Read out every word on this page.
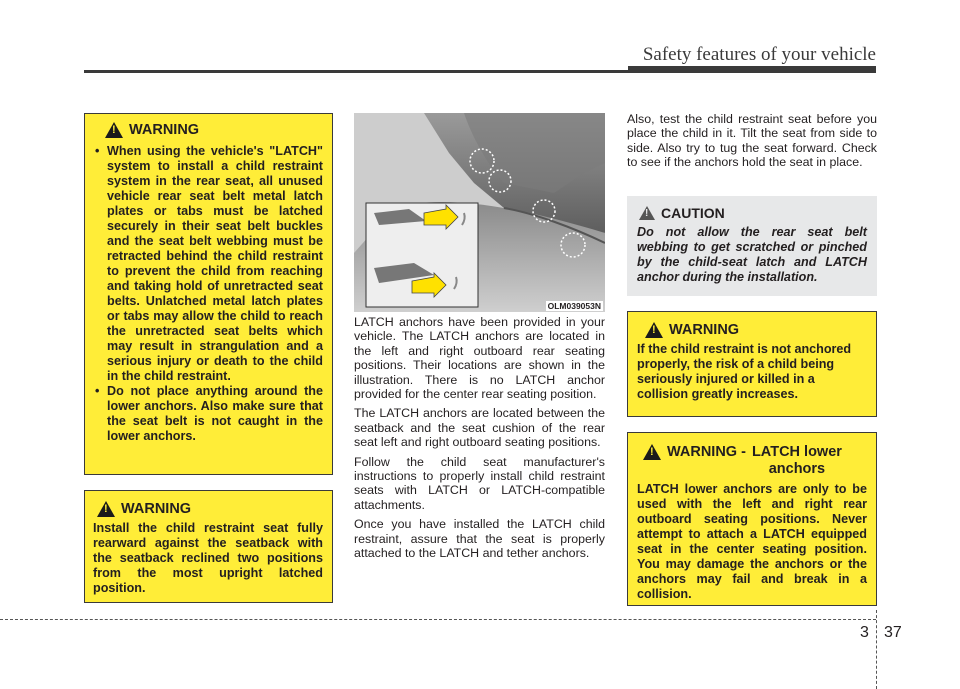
Safety features of your vehicle
!
WARNING
• When using the vehicle's "LATCH" system to install a child restraint system in the rear seat, all unused vehicle rear seat belt metal latch plates or tabs must be latched securely in their seat belt buckles and the seat belt webbing must be retracted behind the child restraint to prevent the child from reaching and taking hold of unretracted seat belts. Unlatched metal latch plates or tabs may allow the child to reach the unretracted seat belts which may result in strangulation and a serious injury or death to the child in the child restraint.
• Do not place anything around the lower anchors. Also make sure that the seat belt is not caught in the lower anchors.
!
WARNING
Install the child restraint seat fully rearward against the seatback with the seatback reclined two positions from the most upright latched position.
OLM039053N

LATCH anchors have been provided in your vehicle. The LATCH anchors are located in the left and right outboard rear seating positions. Their locations are shown in the illustration. There is no LATCH anchor provided for the center rear seating position.

The LATCH anchors are located between the seatback and the seat cushion of the rear seat left and right outboard seating positions.

Follow the child seat manufacturer's instructions to properly install child restraint seats with LATCH or LATCH-compatible attachments.

Once you have installed the LATCH child restraint, assure that the seat is properly attached to the LATCH and tether anchors.

Also, test the child restraint seat before you place the child in it. Tilt the seat from side to side. Also try to tug the seat forward. Check to see if the anchors hold the seat in place.
!
CAUTION
Do not allow the rear seat belt webbing to get scratched or pinched by the child-seat latch and LATCH anchor during the installation.
!
WARNING
If the child restraint is not anchored properly, the risk of a child being seriously injured or killed in a collision greatly increases.
!
WARNING - LATCH lower anchors
LATCH lower anchors are only to be used with the left and right rear outboard seating positions. Never attempt to attach a LATCH equipped seat in the center seating position. You may damage the anchors or the anchors may fail and break in a collision.
3 37
